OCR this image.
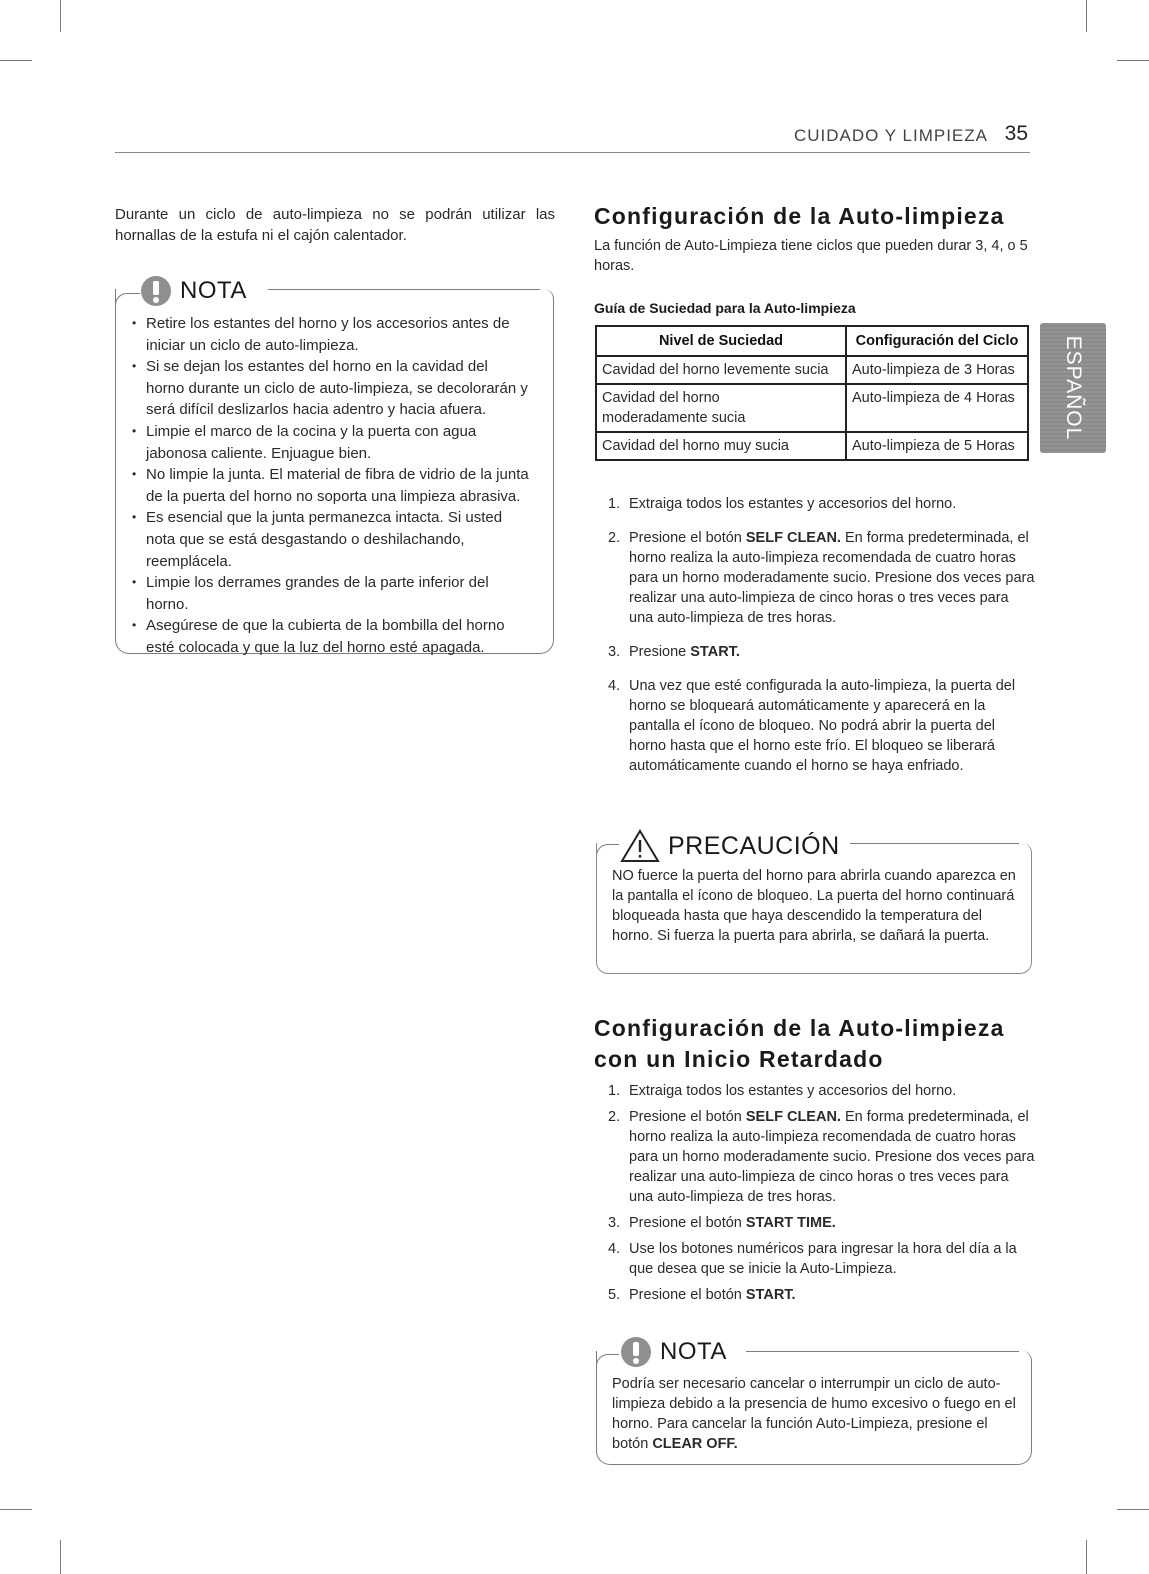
CUIDADO Y LIMPIEZA 35
ESPAÑOL

Durante un ciclo de auto-limpieza no se podrán utilizar las hornallas de la estufa ni el cajón calentador.

NOTA
• Retire los estantes del horno y los accesorios antes de iniciar un ciclo de auto-limpieza.
• Si se dejan los estantes del horno en la cavidad del horno durante un ciclo de auto-limpieza, se decolorarán y será difícil deslizarlos hacia adentro y hacia afuera.
• Limpie el marco de la cocina y la puerta con agua jabonosa caliente. Enjuague bien.
• No limpie la junta. El material de fibra de vidrio de la junta de la puerta del horno no soporta una limpieza abrasiva.
• Es esencial que la junta permanezca intacta. Si usted nota que se está desgastando o deshilachando, reemplácela.
• Limpie los derrames grandes de la parte inferior del horno.
• Asegúrese de que la cubierta de la bombilla del horno esté colocada y que la luz del horno esté apagada.
Configuración de la Auto-limpieza

La función de Auto-Limpieza tiene ciclos que pueden durar 3, 4, o 5 horas.

Guía de Suciedad para la Auto-limpieza
Nivel de Suciedad	Configuración del Ciclo
Cavidad del horno levemente sucia	Auto-limpieza de 3 Horas
Cavidad del horno moderadamente sucia	Auto-limpieza de 4 Horas
Cavidad del horno muy sucia	Auto-limpieza de 5 Horas
1. Extraiga todos los estantes y accesorios del horno.
2. Presione el botón SELF CLEAN. En forma predeterminada, el horno realiza la auto-limpieza recomendada de cuatro horas para un horno moderadamente sucio. Presione dos veces para realizar una auto-limpieza de cinco horas o tres veces para una auto-limpieza de tres horas.
3. Presione START.
4. Una vez que esté configurada la auto-limpieza, la puerta del horno se bloqueará automáticamente y aparecerá en la pantalla el ícono de bloqueo. No podrá abrir la puerta del horno hasta que el horno este frío. El bloqueo se liberará automáticamente cuando el horno se haya enfriado.
PRECAUCIÓN

NO fuerce la puerta del horno para abrirla cuando aparezca en la pantalla el ícono de bloqueo. La puerta del horno continuará bloqueada hasta que haya descendido la temperatura del horno. Si fuerza la puerta para abrirla, se dañará la puerta.

Configuración de la Auto-limpieza
con un Inicio Retardado
1. Extraiga todos los estantes y accesorios del horno.
2. Presione el botón SELF CLEAN. En forma predeterminada, el horno realiza la auto-limpieza recomendada de cuatro horas para un horno moderadamente sucio. Presione dos veces para realizar una auto-limpieza de cinco horas o tres veces para una auto-limpieza de tres horas.
3. Presione el botón START TIME.
4. Use los botones numéricos para ingresar la hora del día a la que desea que se inicie la Auto-Limpieza.
5. Presione el botón START.
NOTA

Podría ser necesario cancelar o interrumpir un ciclo de auto-limpieza debido a la presencia de humo excesivo o fuego en el horno. Para cancelar la función Auto-Limpieza, presione el botón CLEAR OFF.
